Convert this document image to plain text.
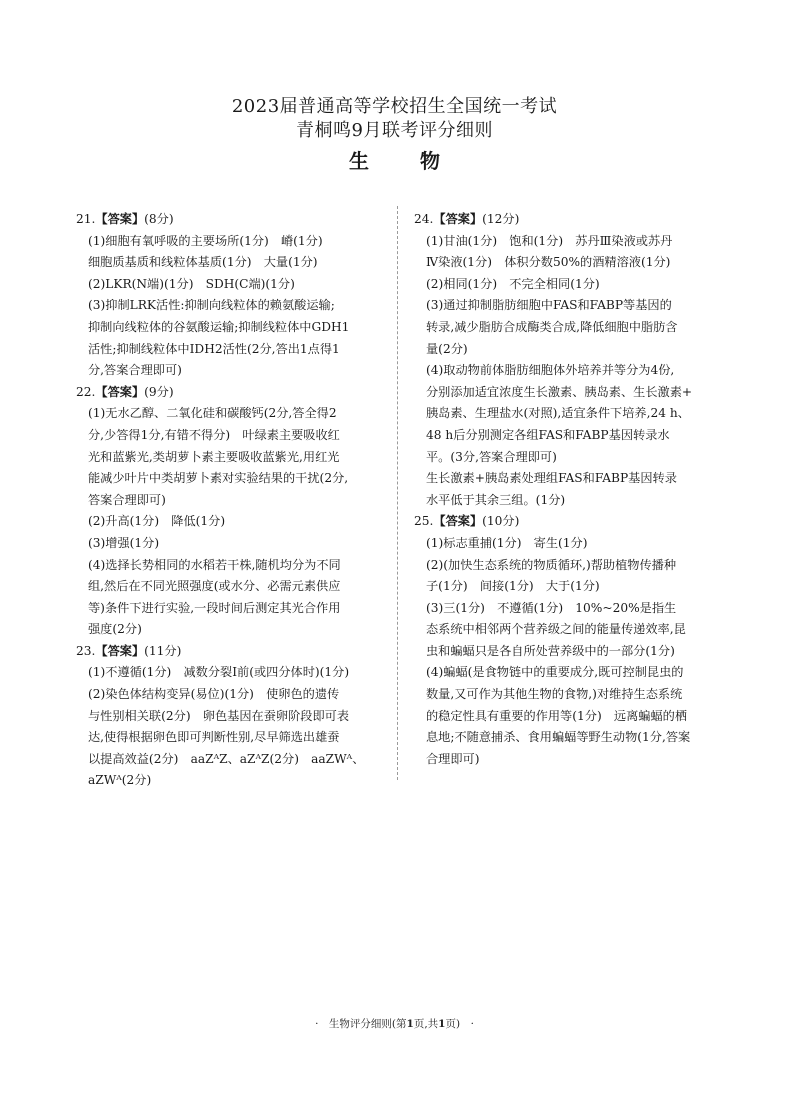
2023届普通高等学校招生全国统一考试
青桐鸣9月联考评分细则
生 物
21.【答案】(8分)
(1)细胞有氧呼吸的主要场所(1分)　嵴(1分)
细胞质基质和线粒体基质(1分)　大量(1分)
(2)LKR(N端)(1分)　SDH(C端)(1分)
(3)抑制LRK活性:抑制向线粒体的赖氨酸运输;
抑制向线粒体的谷氨酸运输;抑制线粒体中GDH1
活性;抑制线粒体中IDH2活性(2分,答出1点得1
分,答案合理即可)
22.【答案】(9分)
(1)无水乙醇、二氧化硅和碳酸钙(2分,答全得2
分,少答得1分,有错不得分)　叶绿素主要吸收红
光和蓝紫光,类胡萝卜素主要吸收蓝紫光,用红光
能减少叶片中类胡萝卜素对实验结果的干扰(2分,
答案合理即可)
(2)升高(1分)　降低(1分)
(3)增强(1分)
(4)选择长势相同的水稻若干株,随机均分为不同
组,然后在不同光照强度(或水分、必需元素供应
等)条件下进行实验,一段时间后测定其光合作用
强度(2分)
23.【答案】(11分)
(1)不遵循(1分)　减数分裂Ⅰ前(或四分体时)(1分)
(2)染色体结构变异(易位)(1分)　使卵色的遗传
与性别相关联(2分)　卵色基因在蚕卵阶段即可表
达,使得根据卵色即可判断性别,尽早筛选出雄蚕
以提高效益(2分)　aaZᴬZ、aZᴬZ(2分)　aaZWᴬ、
aZWᴬ(2分)
24.【答案】(12分)
(1)甘油(1分)　饱和(1分)　苏丹Ⅲ染液或苏丹
Ⅳ染液(1分)　体积分数50%的酒精溶液(1分)
(2)相同(1分)　不完全相同(1分)
(3)通过抑制脂肪细胞中FAS和FABP等基因的
转录,减少脂肪合成酶类合成,降低细胞中脂肪含
量(2分)
(4)取动物前体脂肪细胞体外培养并等分为4份,
分别添加适宜浓度生长激素、胰岛素、生长激素+
胰岛素、生理盐水(对照),适宜条件下培养,24 h、
48 h后分别测定各组FAS和FABP基因转录水
平。(3分,答案合理即可)
生长激素+胰岛素处理组FAS和FABP基因转录
水平低于其余三组。(1分)
25.【答案】(10分)
(1)标志重捕(1分)　寄生(1分)
(2)(加快生态系统的物质循环,)帮助植物传播种
子(1分)　间接(1分)　大于(1分)
(3)三(1分)　不遵循(1分)　10%~20%是指生
态系统中相邻两个营养级之间的能量传递效率,昆
虫和蝙蝠只是各自所处营养级中的一部分(1分)
(4)蝙蝠(是食物链中的重要成分,既可控制昆虫的
数量,又可作为其他生物的食物,)对维持生态系统
的稳定性具有重要的作用等(1分)　远离蝙蝠的栖
息地;不随意捕杀、食用蝙蝠等野生动物(1分,答案
合理即可)
·　生物评分细则(第1页,共1页)　·
